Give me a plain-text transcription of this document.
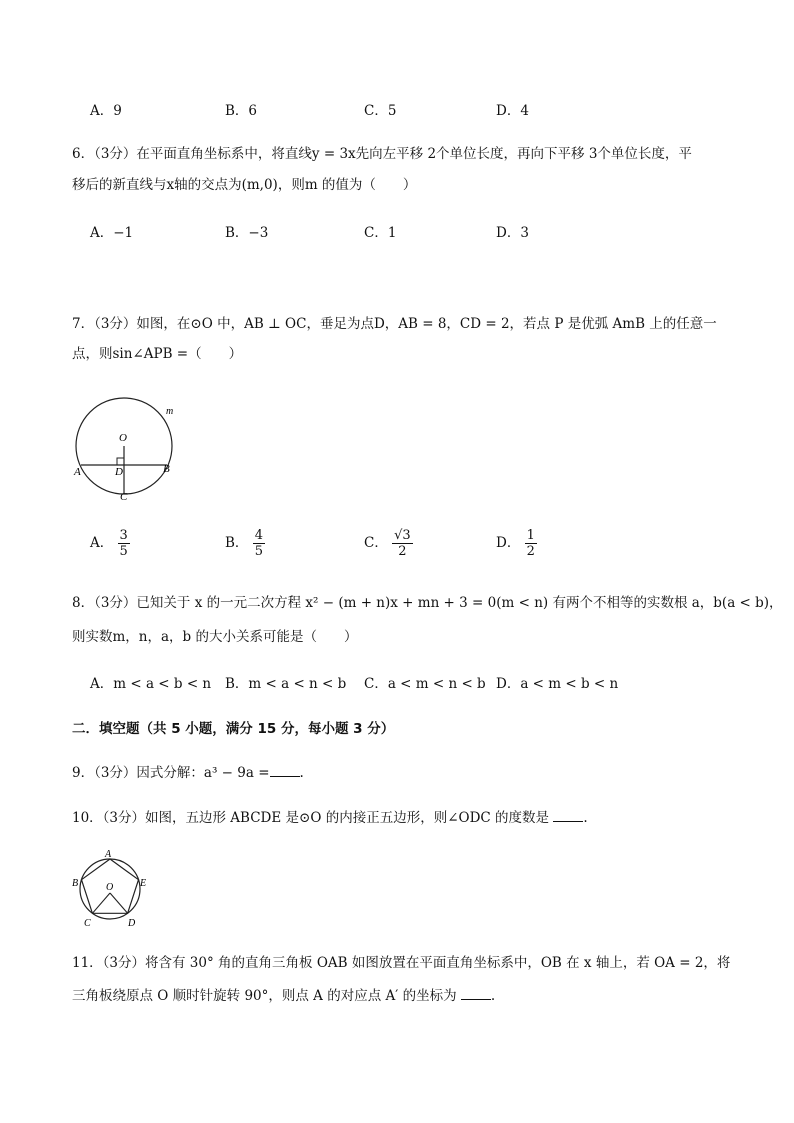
A．9	B．6	C．5	D．4
6．（3分）在平面直角坐标系中，将直线y = 3x先向左平移 2个单位长度，再向下平移 3个单位长度，平
移后的新直线与x轴的交点为(m,0)，则m 的值为（　　）
A．−1	B．−3	C．1	D．3
7．（3分）如图，在⊙O 中，AB ⊥ OC，垂足为点D，AB = 8，CD = 2，若点 P 是优弧 AmB 上的任意一
点，则sin∠APB =（　　）
O
A	B
D
C
m
A． $\frac{3}{5}$	B． $\frac{4}{5}$	C． $\frac{√3}{2}$	D． $\frac{1}{2}$
8．（3分）已知关于 x 的一元二次方程 x² − (m + n)x + mn + 3 = 0(m < n) 有两个不相等的实数根 a，b(a < b)，
则实数m，n，a，b 的大小关系可能是（　　）
A．m < a < b < n B．m < a < n < b C．a < m < n < b D．a < m < b < n
二．填空题（共 5 小题，满分 15 分，每小题 3 分）
9．（3分）因式分解：a³ − 9a = .
10．（3分）如图，五边形 ABCDE 是⊙O 的内接正五边形，则∠ODC 的度数是	.
A
B	E
O
C	D
11．（3分）将含有 30° 角的直角三角板 OAB 如图放置在平面直角坐标系中，OB 在 x 轴上，若 OA = 2，将
三角板绕原点 O 顺时针旋转 90°，则点 A 的对应点 A′ 的坐标为	.
